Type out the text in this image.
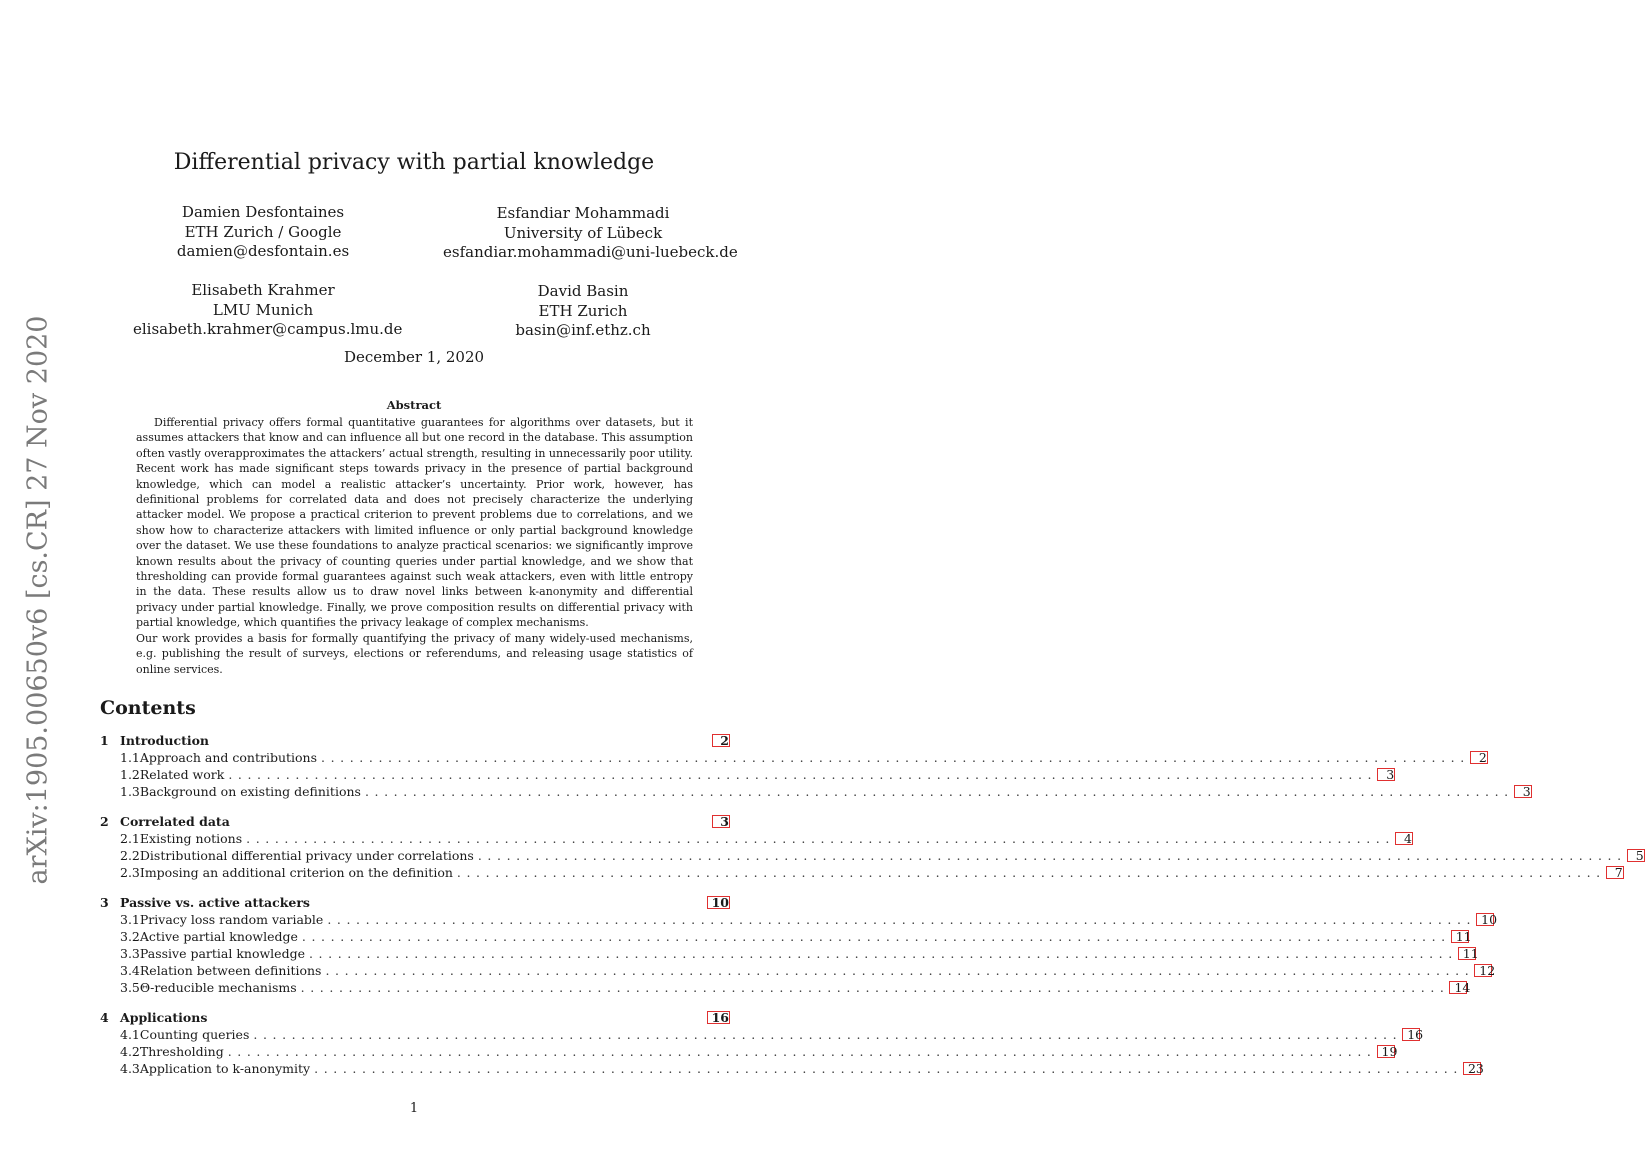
arXiv:1905.00650v6 [cs.CR] 27 Nov 2020
Differential privacy with partial knowledge
Damien Desfontaines
ETH Zurich / Google
damien@desfontain.es
Esfandiar Mohammadi
University of Lübeck
esfandiar.mohammadi@uni-luebeck.de
Elisabeth Krahmer
LMU Munich
elisabeth.krahmer@campus.lmu.de
David Basin
ETH Zurich
basin@inf.ethz.ch
December 1, 2020
Abstract

Differential privacy offers formal quantitative guarantees for algorithms over datasets, but it assumes attackers that know and can influence all but one record in the database. This assumption often vastly overapproximates the attackers’ actual strength, resulting in unnecessarily poor utility. Recent work has made significant steps towards privacy in the presence of partial background knowledge, which can model a realistic attacker’s uncertainty. Prior work, however, has definitional problems for correlated data and does not precisely characterize the underlying attacker model. We propose a practical criterion to prevent problems due to correlations, and we show how to characterize attackers with limited influence or only partial background knowledge over the dataset. We use these foundations to analyze practical scenarios: we significantly improve known results about the privacy of counting queries under partial knowledge, and we show that thresholding can provide formal guarantees against such weak attackers, even with little entropy in the data. These results allow us to draw novel links between k-anonymity and differential privacy under partial knowledge. Finally, we prove composition results on differential privacy with partial knowledge, which quantifies the privacy leakage of complex mechanisms.

Our work provides a basis for formally quantifying the privacy of many widely-used mechanisms, e.g. publishing the result of surveys, elections or referendums, and releasing usage statistics of online services.

Contents
1 Introduction	2
1.1 Approach and contributions ........................................................................................................................ 2
1.2 Related work ........................................................................................................................ 3
1.3 Background on existing definitions ........................................................................................................................ 3
2 Correlated data	3
2.1 Existing notions ........................................................................................................................ 4
2.2 Distributional differential privacy under correlations ........................................................................................................................ 5
2.3 Imposing an additional criterion on the definition ........................................................................................................................ 7
3 Passive vs. active attackers	10
3.1 Privacy loss random variable ........................................................................................................................ 10
3.2 Active partial knowledge ........................................................................................................................ 11
3.3 Passive partial knowledge ........................................................................................................................ 11
3.4 Relation between definitions ........................................................................................................................ 12
3.5 Θ-reducible mechanisms ........................................................................................................................ 14
4 Applications	16
4.1 Counting queries ........................................................................................................................ 16
4.2 Thresholding ........................................................................................................................ 19
4.3 Application to k-anonymity ........................................................................................................................ 23
1
